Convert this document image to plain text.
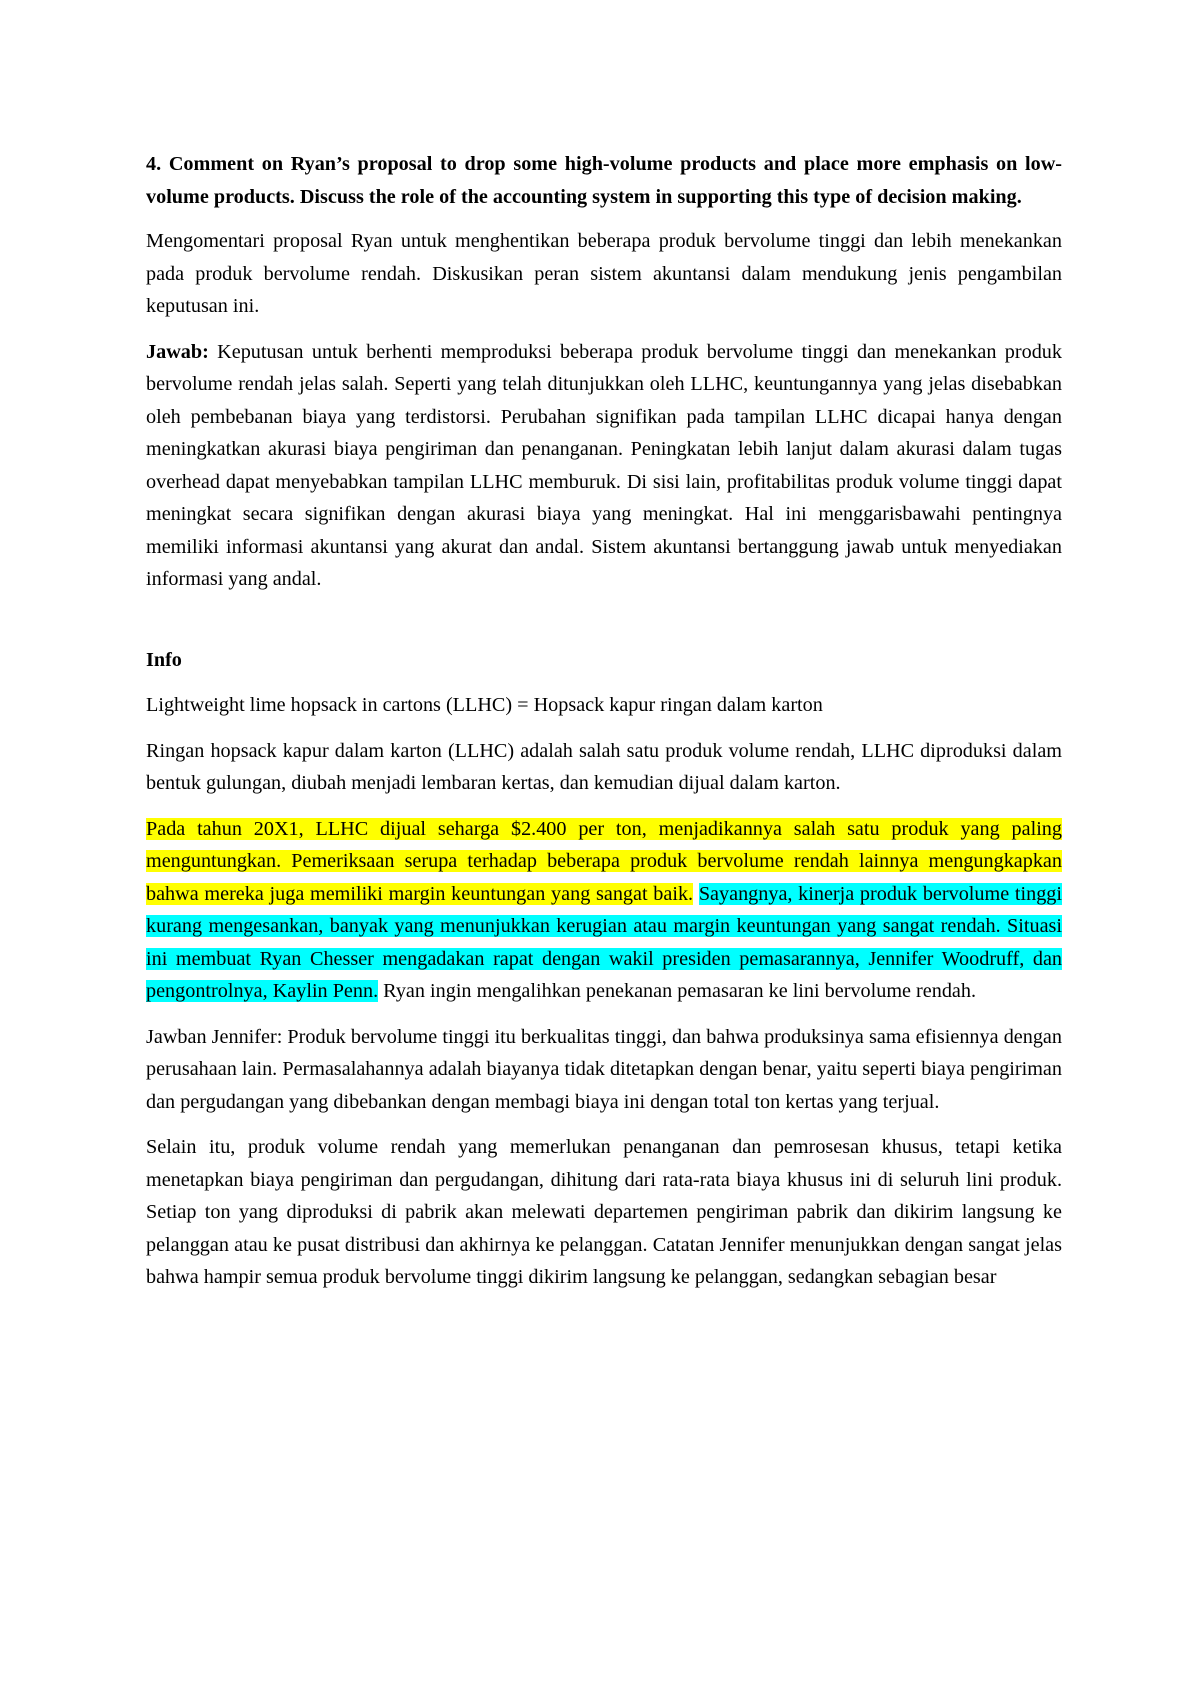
4. Comment on Ryan’s proposal to drop some high-volume products and place more emphasis on low-volume products. Discuss the role of the accounting system in supporting this type of decision making.

Mengomentari proposal Ryan untuk menghentikan beberapa produk bervolume tinggi dan lebih menekankan pada produk bervolume rendah. Diskusikan peran sistem akuntansi dalam mendukung jenis pengambilan keputusan ini.

Jawab: Keputusan untuk berhenti memproduksi beberapa produk bervolume tinggi dan menekankan produk bervolume rendah jelas salah. Seperti yang telah ditunjukkan oleh LLHC, keuntungannya yang jelas disebabkan oleh pembebanan biaya yang terdistorsi. Perubahan signifikan pada tampilan LLHC dicapai hanya dengan meningkatkan akurasi biaya pengiriman dan penanganan. Peningkatan lebih lanjut dalam akurasi dalam tugas overhead dapat menyebabkan tampilan LLHC memburuk. Di sisi lain, profitabilitas produk volume tinggi dapat meningkat secara signifikan dengan akurasi biaya yang meningkat. Hal ini menggarisbawahi pentingnya memiliki informasi akuntansi yang akurat dan andal. Sistem akuntansi bertanggung jawab untuk menyediakan informasi yang andal.

Info

Lightweight lime hopsack in cartons (LLHC) = Hopsack kapur ringan dalam karton

Ringan hopsack kapur dalam karton (LLHC) adalah salah satu produk volume rendah, LLHC diproduksi dalam bentuk gulungan, diubah menjadi lembaran kertas, dan kemudian dijual dalam karton.

Pada tahun 20X1, LLHC dijual seharga $2.400 per ton, menjadikannya salah satu produk yang paling menguntungkan. Pemeriksaan serupa terhadap beberapa produk bervolume rendah lainnya mengungkapkan bahwa mereka juga memiliki margin keuntungan yang sangat baik. Sayangnya, kinerja produk bervolume tinggi kurang mengesankan, banyak yang menunjukkan kerugian atau margin keuntungan yang sangat rendah. Situasi ini membuat Ryan Chesser mengadakan rapat dengan wakil presiden pemasarannya, Jennifer Woodruff, dan pengontrolnya, Kaylin Penn. Ryan ingin mengalihkan penekanan pemasaran ke lini bervolume rendah.

Jawban Jennifer: Produk bervolume tinggi itu berkualitas tinggi, dan bahwa produksinya sama efisiennya dengan perusahaan lain. Permasalahannya adalah biayanya tidak ditetapkan dengan benar, yaitu seperti biaya pengiriman dan pergudangan yang dibebankan dengan membagi biaya ini dengan total ton kertas yang terjual.

Selain itu, produk volume rendah yang memerlukan penanganan dan pemrosesan khusus, tetapi ketika menetapkan biaya pengiriman dan pergudangan, dihitung dari rata-rata biaya khusus ini di seluruh lini produk. Setiap ton yang diproduksi di pabrik akan melewati departemen pengiriman pabrik dan dikirim langsung ke pelanggan atau ke pusat distribusi dan akhirnya ke pelanggan. Catatan Jennifer menunjukkan dengan sangat jelas bahwa hampir semua produk bervolume tinggi dikirim langsung ke pelanggan, sedangkan sebagian besar
